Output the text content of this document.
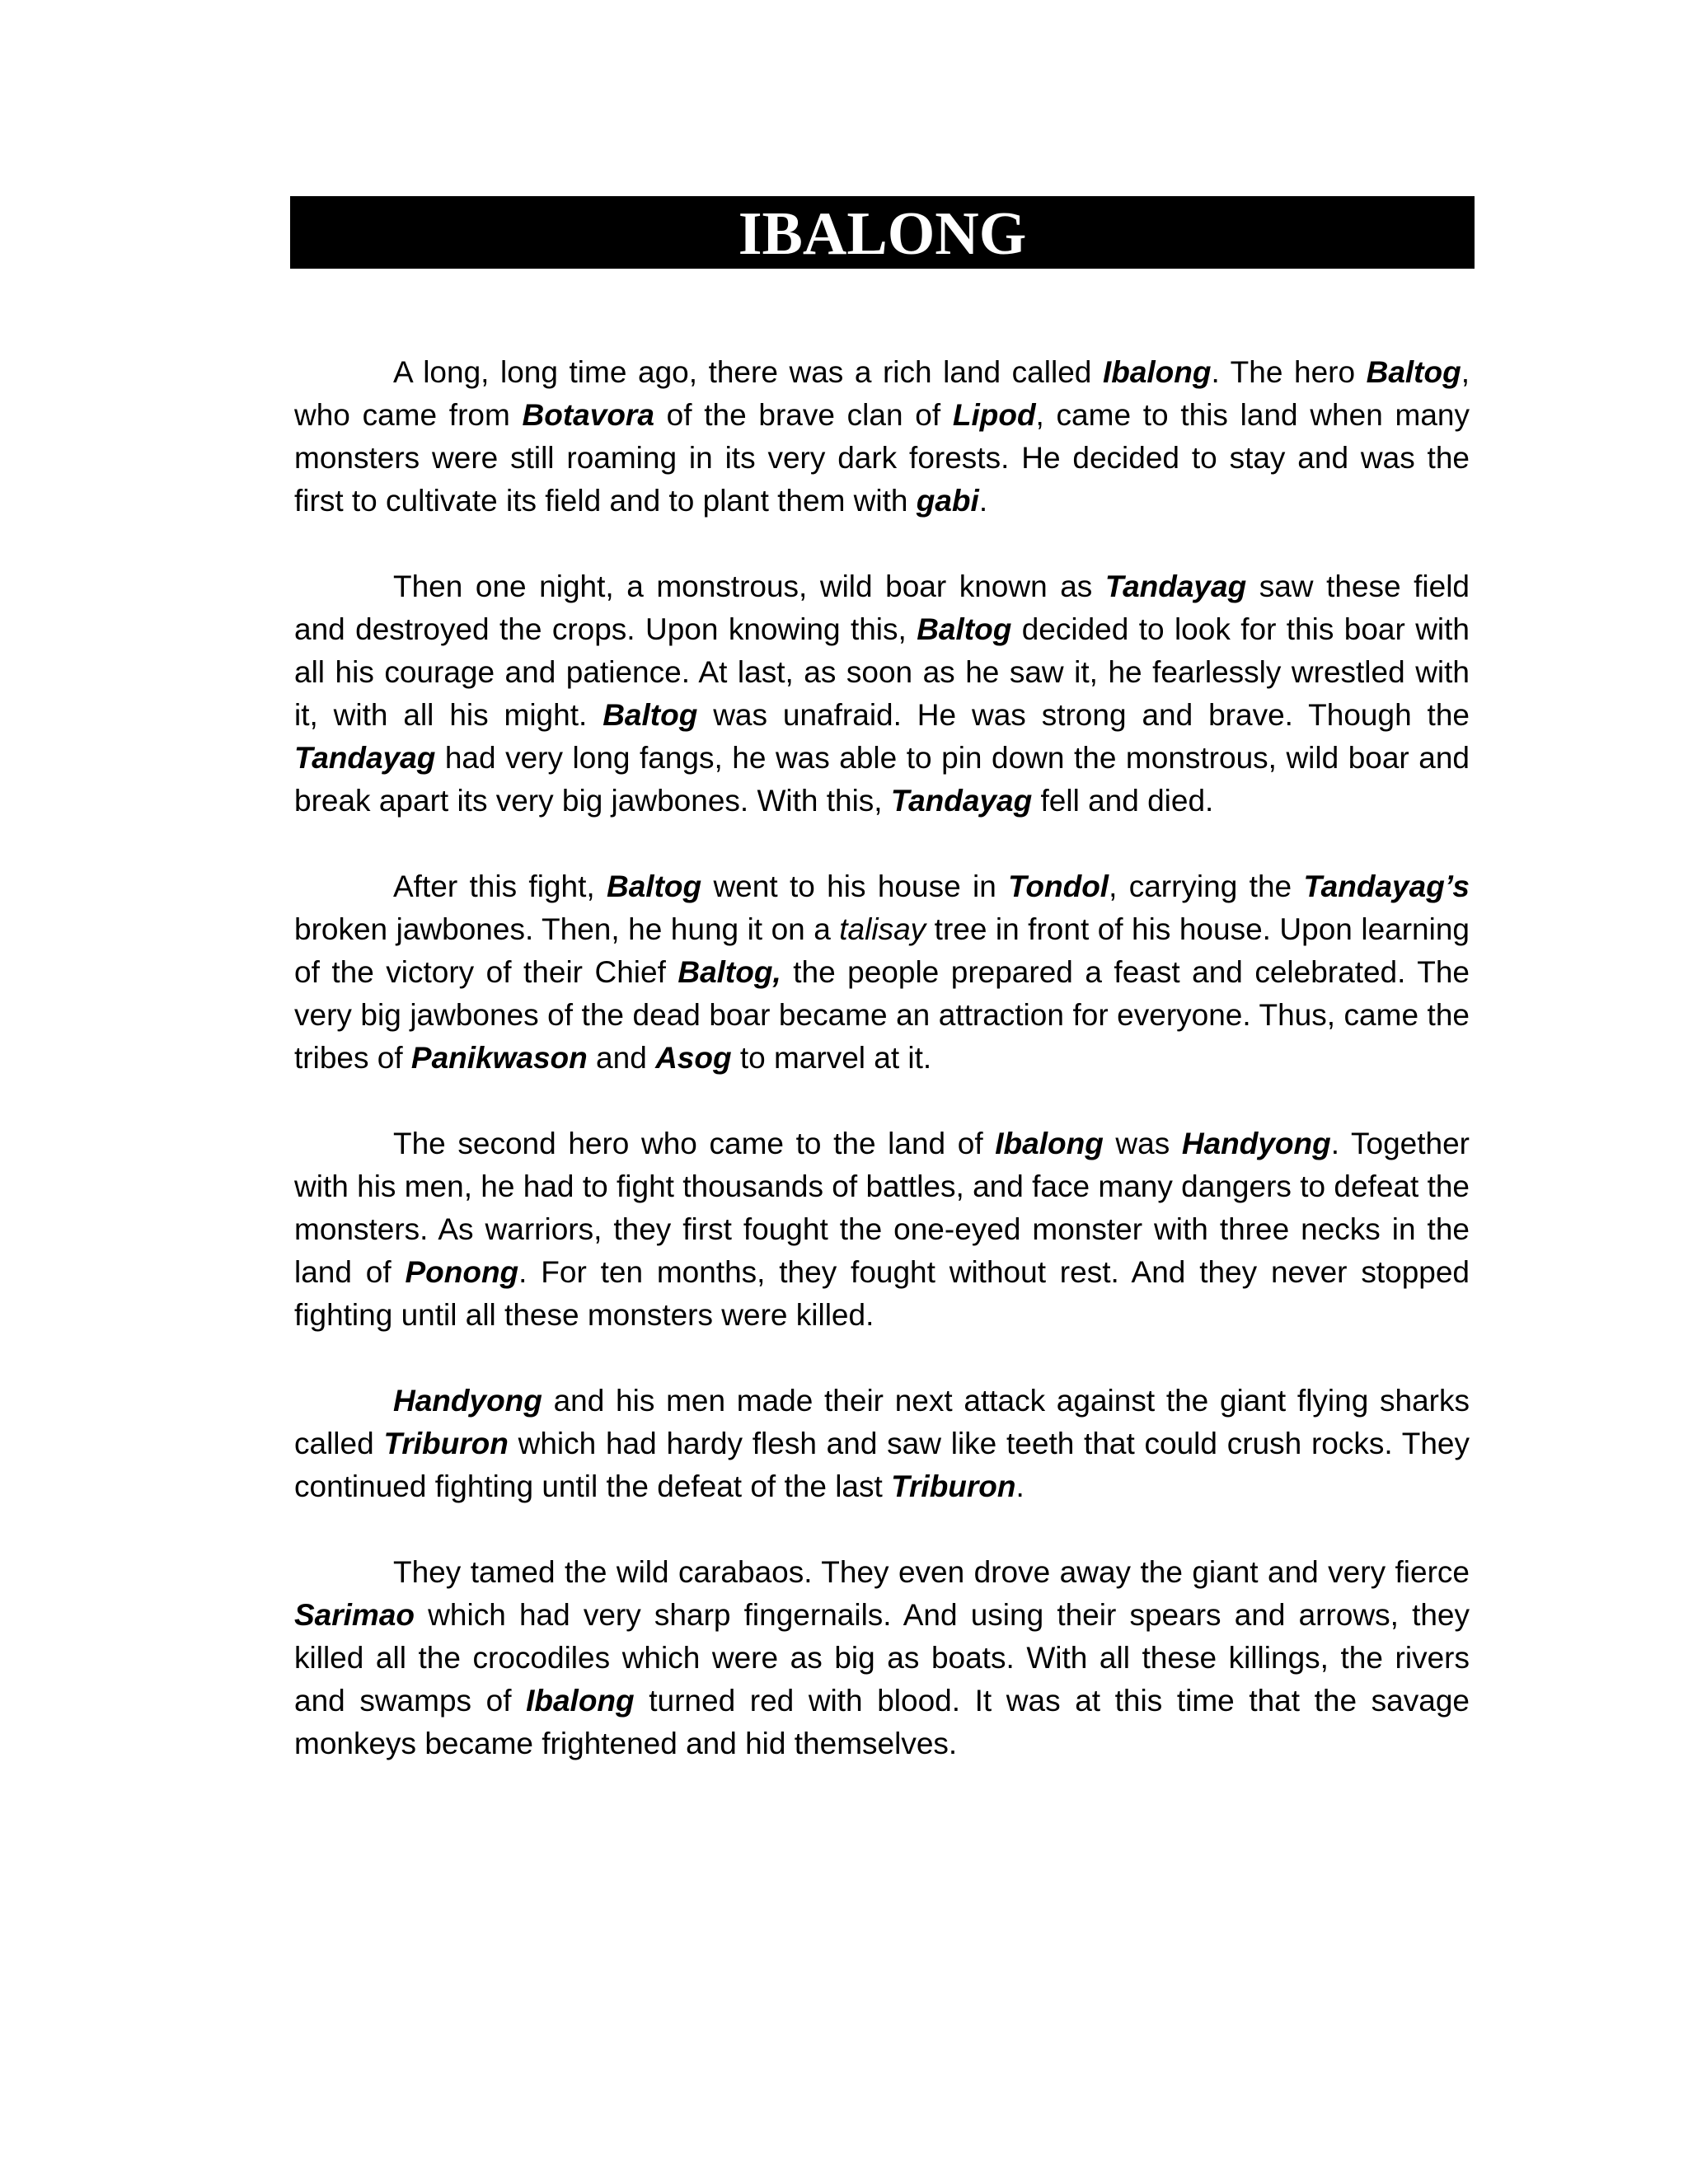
IBALONG

A long, long time ago, there was a rich land called Ibalong. The hero Baltog, who came from Botavora of the brave clan of Lipod, came to this land when many monsters were still roaming in its very dark forests. He decided to stay and was the first to cultivate its field and to plant them with gabi.

Then one night, a monstrous, wild boar known as Tandayag saw these field and destroyed the crops. Upon knowing this, Baltog decided to look for this boar with all his courage and patience. At last, as soon as he saw it, he fearlessly wrestled with it, with all his might. Baltog was unafraid. He was strong and brave. Though the Tandayag had very long fangs, he was able to pin down the monstrous, wild boar and break apart its very big jawbones. With this, Tandayag fell and died.

After this fight, Baltog went to his house in Tondol, carrying the Tandayag’s broken jawbones. Then, he hung it on a talisay tree in front of his house. Upon learning of the victory of their Chief Baltog, the people prepared a feast and celebrated. The very big jawbones of the dead boar became an attraction for everyone. Thus, came the tribes of Panikwason and Asog to marvel at it.

The second hero who came to the land of Ibalong was Handyong. Together with his men, he had to fight thousands of battles, and face many dangers to defeat the monsters. As warriors, they first fought the one-eyed monster with three necks in the land of Ponong. For ten months, they fought without rest. And they never stopped fighting until all these monsters were killed.

Handyong and his men made their next attack against the giant flying sharks called Triburon which had hardy flesh and saw like teeth that could crush rocks. They continued fighting until the defeat of the last Triburon.

They tamed the wild carabaos. They even drove away the giant and very fierce Sarimao which had very sharp fingernails. And using their spears and arrows, they killed all the crocodiles which were as big as boats. With all these killings, the rivers and swamps of Ibalong turned red with blood. It was at this time that the savage monkeys became frightened and hid themselves.
